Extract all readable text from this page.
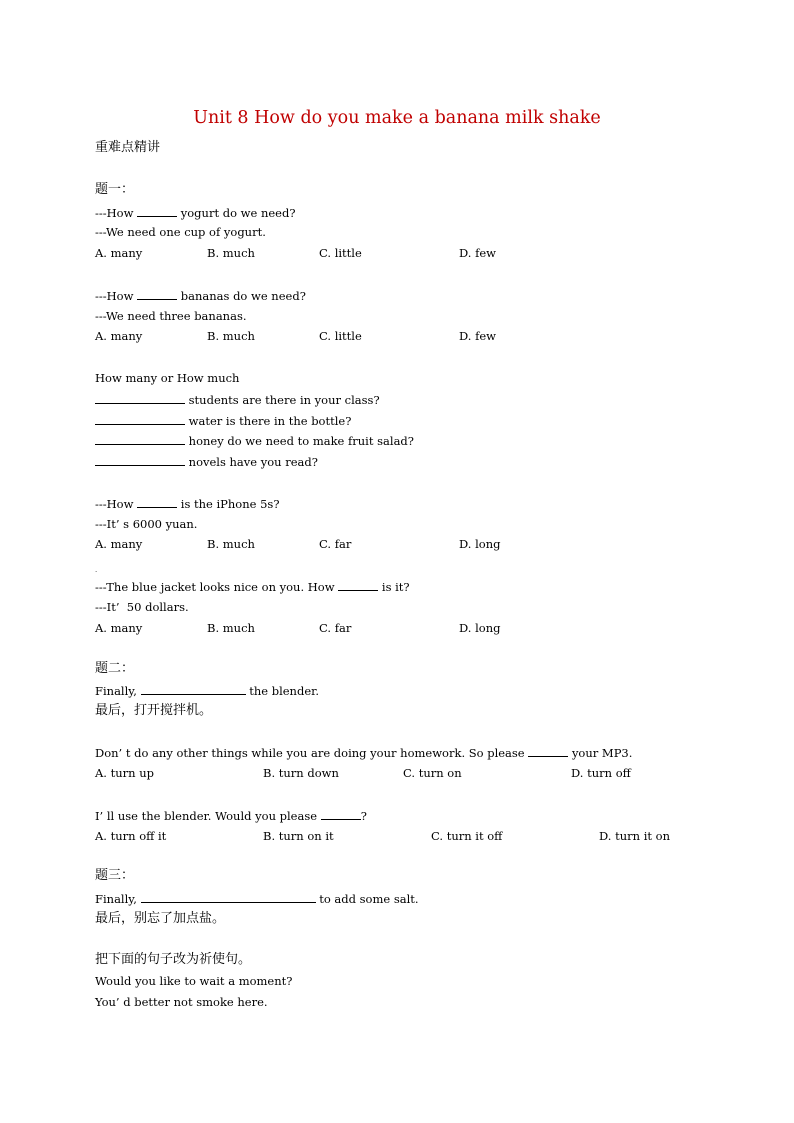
Unit 8 How do you make a banana milk shake

重难点精讲

题一：

---How	yogurt do we need?

---We need one cup of yogurt.

A. many	B. much	C. little	D. few

---How	bananas do we need?

---We need three bananas.

A. many	B. much	C. little	D. few

How many or How much

students are there in your class?

water is there in the bottle?

honey do we need to make fruit salad?

novels have you read?

---How	is the iPhone 5s?

---It’ s 6000 yuan.

A. many	B. much	C. far	D. long

.

---The blue jacket looks nice on you. How	is it?

---It’  50 dollars.

A. many	B. much	C. far	D. long

题二：

Finally,	the blender.

最后，打开搅拌机。

Don’ t do any other things while you are doing your homework. So please	your MP3.

A. turn up	B. turn down	C. turn on	D. turn off

I’ ll use the blender. Would you please	?

A. turn off it	B. turn on it	C. turn it off	D. turn it on

题三：

Finally,	to add some salt.

最后，别忘了加点盐。

把下面的句子改为祈使句。

Would you like to wait a moment?

You’ d better not smoke here.
